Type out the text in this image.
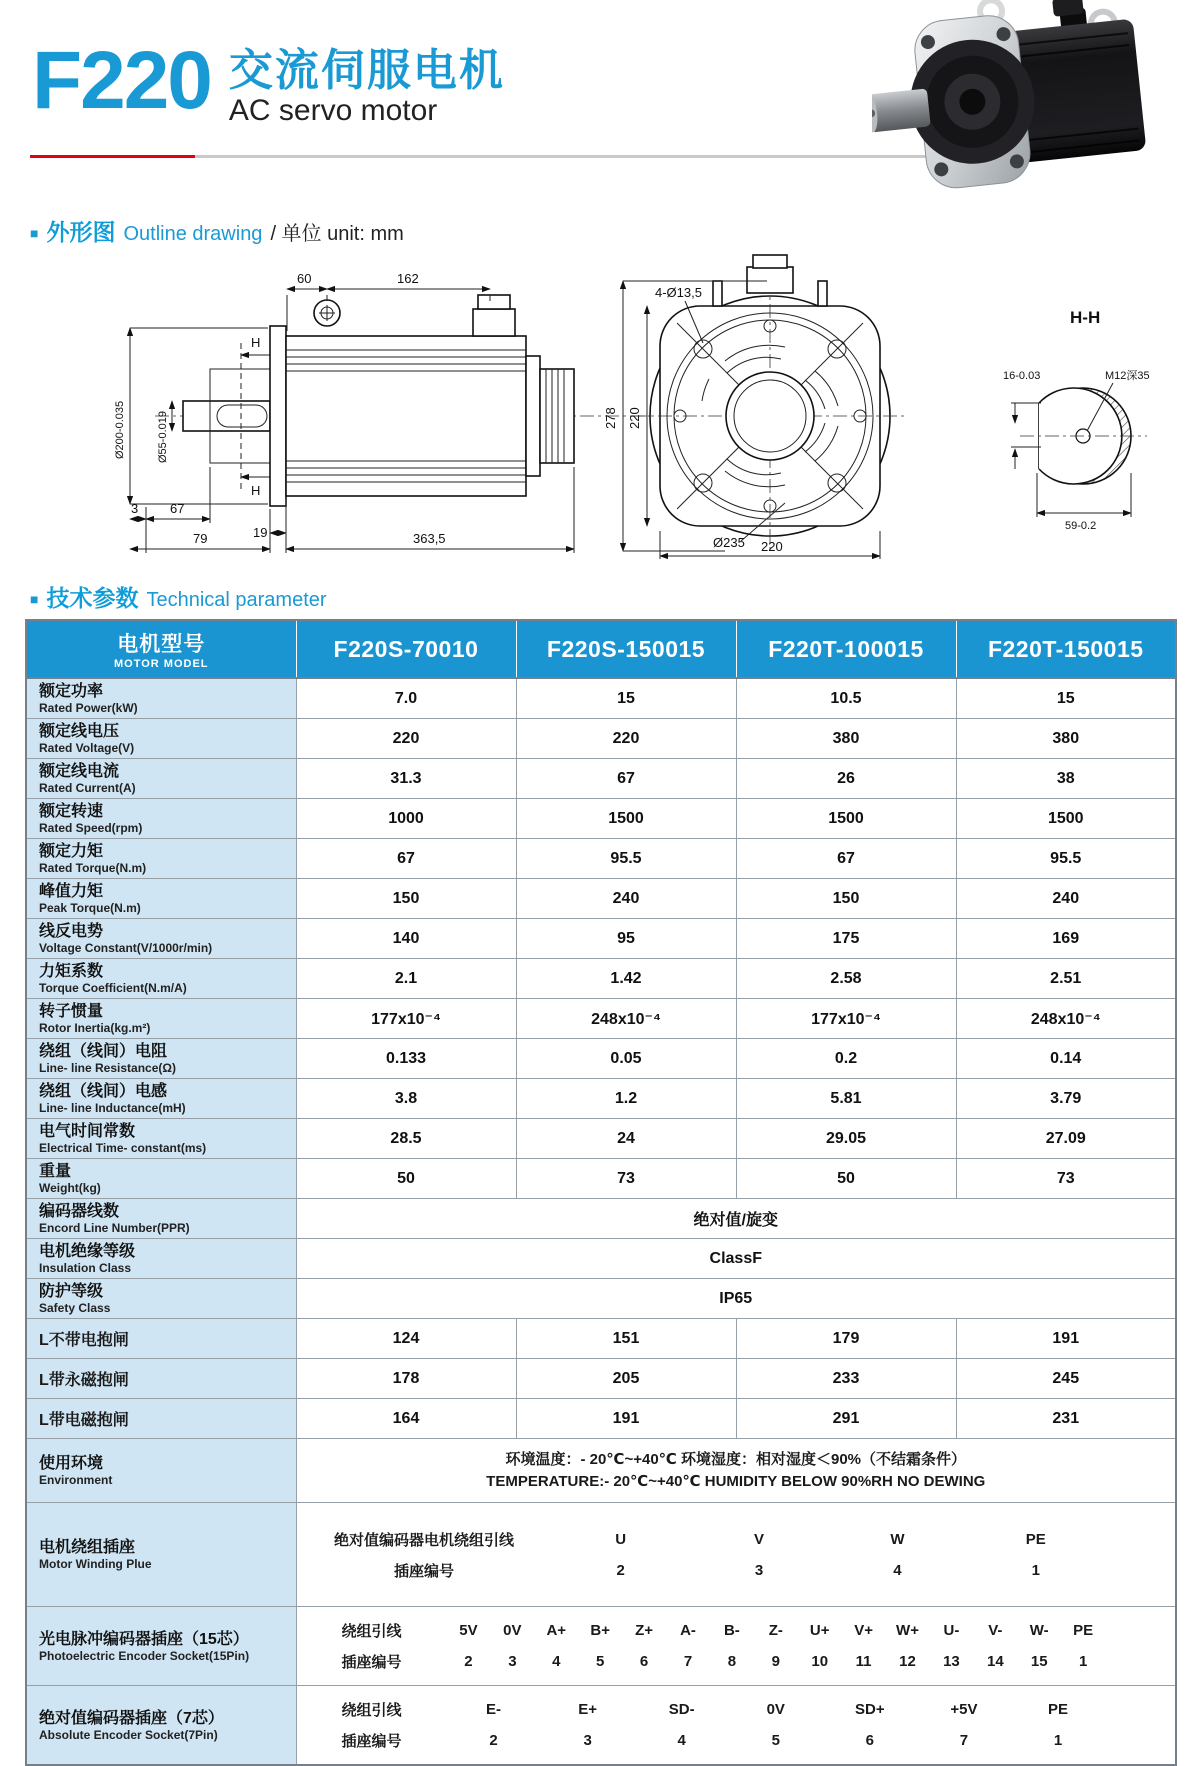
F220 交流伺服电机
AC servo motor
■ 外形图 Outline drawing / 单位 unit: mm
H
H
60	162
Ø200-0.035	Ø55-0.019
3 67
19
79	363,5
278 220
4-Ø13,5
Ø235 220
H-H
16-0.03	M12深35
59-0.2
■ 技术参数 Technical parameter
电机型号
MOTOR MODEL	F220S-70010	F220S-150015	F220T-100015	F220T-150015

额定功率
Rated Power(kW)	7.0	15	10.5	15

额定线电压
Rated Voltage(V)	220	220	380	380

额定线电流
Rated Current(A)	31.3	67	26	38

额定转速
Rated Speed(rpm)	1000	1500	1500	1500

额定力矩
Rated Torque(N.m)	67	95.5	67	95.5

峰值力矩
Peak Torque(N.m)	150	240	150	240

线反电势
Voltage Constant(V/1000r/min)	140	95	175	169

力矩系数
Torque Coefficient(N.m/A)	2.1	1.42	2.58	2.51

转子惯量
Rotor Inertia(kg.m²)	177x10⁻⁴	248x10⁻⁴	177x10⁻⁴	248x10⁻⁴

绕组（线间）电阻
Line- line Resistance(Ω)	0.133	0.05	0.2	0.14

绕组（线间）电感
Line- line Inductance(mH)	3.8	1.2	5.81	3.79

电气时间常数
Electrical Time- constant(ms)	28.5	24	29.05	27.09

重量
Weight(kg)	50	73	50	73

编码器线数
Encord Line Number(PPR)	绝对值/旋变			

电机绝缘等级
Insulation Class	ClassF			

防护等级
Safety Class	IP65			
L不带电抱闸	124	151	179	191
L带永磁抱闸	178	205	233	245
L带电磁抱闸	164	191	291	231

使用环境
Environment

环境温度：- 20℃~+40℃ 环境湿度：相对湿度＜90%（不结霜条件）
TEMPERATURE:- 20℃~+40℃ HUMIDITY BELOW 90%RH NO DEWING

电机绕组插座
Motor Winding Plue

绝对值编码器电机绕组引线	U	V	W	PE
插座编号	2	3	4	1

光电脉冲编码器插座（15芯）
Photoelectric Encoder Socket(15Pin)

绕组引线	5V	0V	A+	B+	Z+	A-	B-	Z-	U+	V+	W+	U-	V-	W-	PE
插座编号	2	3	4	5	6	7	8	9	10	11	12	13	14	15	1

绝对值编码器插座（7芯）
Absolute Encoder Socket(7Pin)

绕组引线	E-	E+	SD-	0V	SD+	+5V	PE
插座编号	2	3	4	5	6	7	1
